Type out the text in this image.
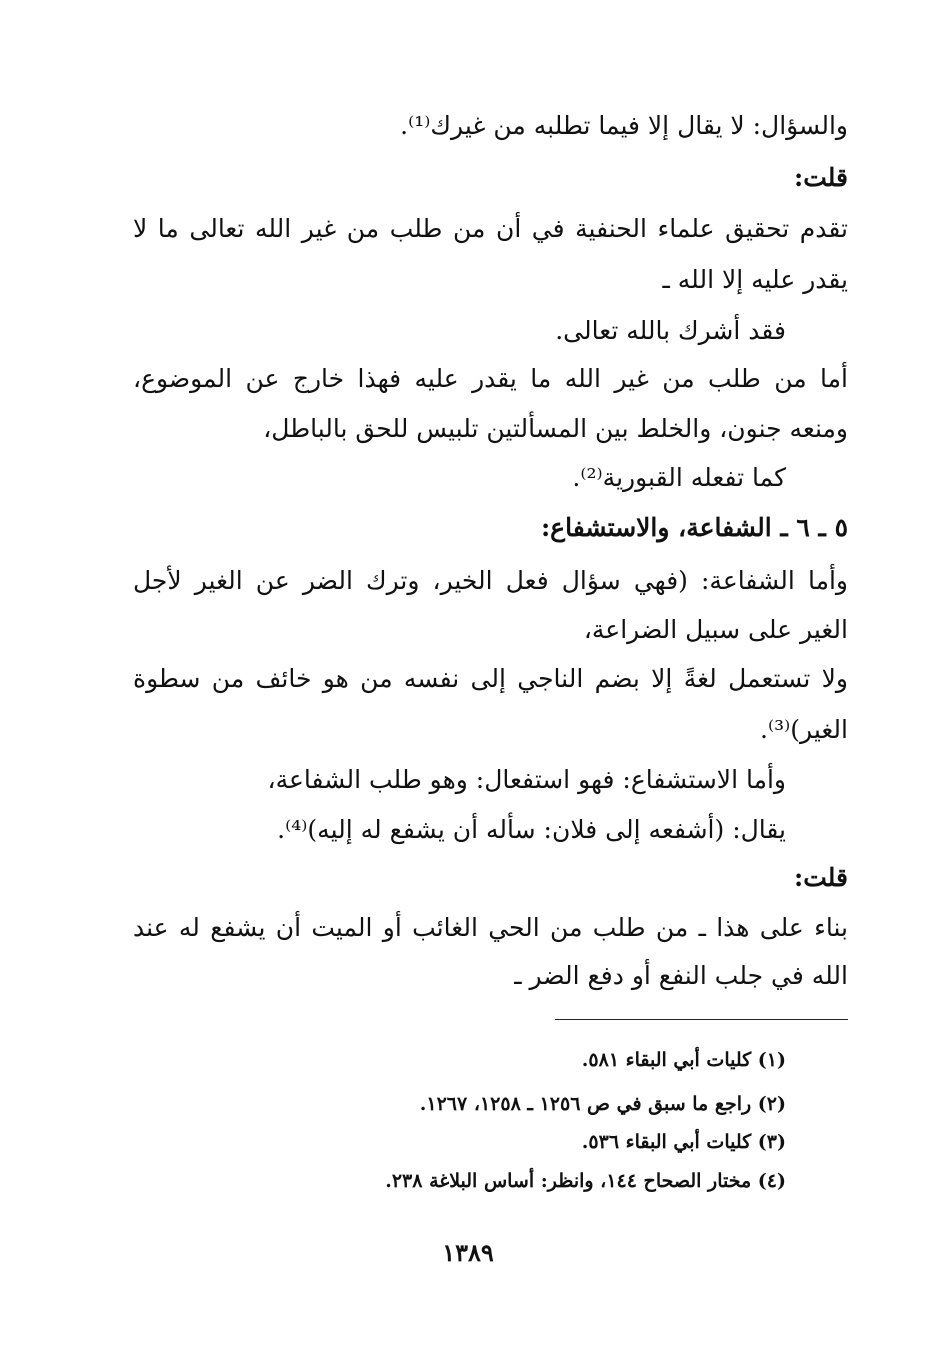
والسؤال: لا يقال إلا فيما تطلبه من غيرك⁽¹⁾.
قلت:
تقدم تحقيق علماء الحنفية في أن من طلب من غير الله تعالى ما لا
يقدر عليه إلا الله ـ
فقد أشرك بالله تعالى.
أما من طلب من غير الله ما يقدر عليه فهذا خارج عن الموضوع،
ومنعه جنون، والخلط بين المسألتين تلبيس للحق بالباطل،
كما تفعله القبورية⁽²⁾.
٥ ـ ٦ ـ الشفاعة، والاستشفاع:
وأما الشفاعة: (فهي سؤال فعل الخير، وترك الضر عن الغير لأجل
الغير على سبيل الضراعة،
ولا تستعمل لغةً إلا بضم الناجي إلى نفسه من هو خائف من سطوة
الغير)⁽³⁾.
وأما الاستشفاع: فهو استفعال: وهو طلب الشفاعة،
يقال: (أشفعه إلى فلان: سأله أن يشفع له إليه)⁽⁴⁾.
قلت:
بناء على هذا ـ من طلب من الحي الغائب أو الميت أن يشفع له عند
الله في جلب النفع أو دفع الضر ـ
(١) كليات أبي البقاء ٥٨١.
(٢) راجع ما سبق في ص ١٢٥٦ ـ ١٢٥٨، ١٢٦٧.
(٣) كليات أبي البقاء ٥٣٦.
(٤) مختار الصحاح ١٤٤، وانظر: أساس البلاغة ٢٣٨.
١٣٨٩
